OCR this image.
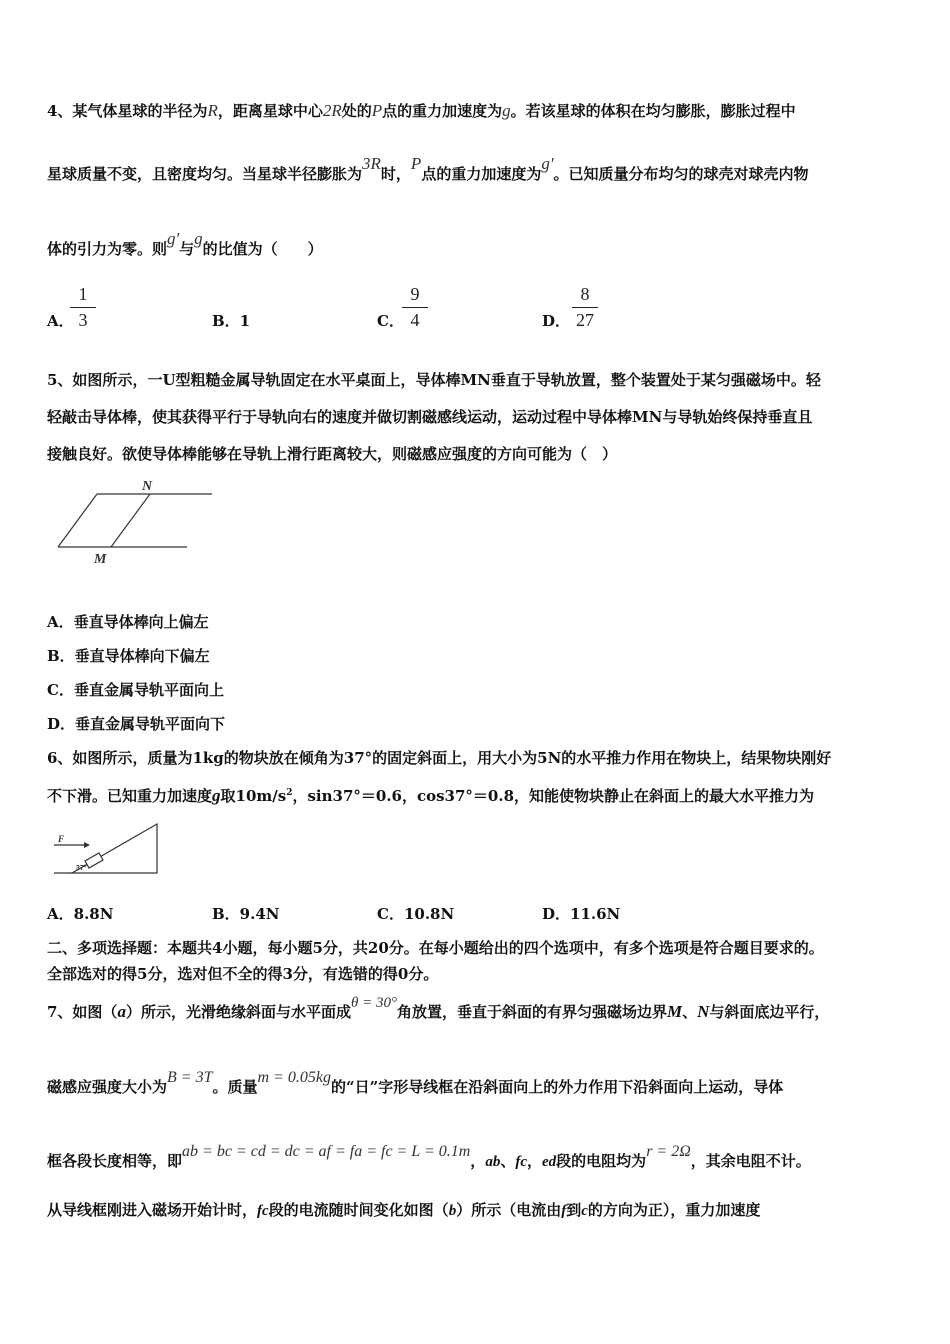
4、某气体星球的半径为R，距离星球中心2R处的P点的重力加速度为g。若该星球的体积在均匀膨胀，膨胀过程中
星球质量不变，且密度均匀。当星球半径膨胀为3R时，P点的重力加速度为g'。已知质量分布均匀的球壳对球壳内物
体的引力为零。则g'与g的比值为（　　）
A．
$\frac{1}{3}$	B．1	C．
$\frac{9}{4}$	D． $\frac{8}{27}$
5、如图所示，一U型粗糙金属导轨固定在水平桌面上，导体棒MN垂直于导轨放置，整个装置处于某匀强磁场中。轻
轻敲击导体棒，使其获得平行于导轨向右的速度并做切割磁感线运动，运动过程中导体棒MN与导轨始终保持垂直且
接触良好。欲使导体棒能够在导轨上滑行距离较大，则磁感应强度的方向可能为（　）
N
M
A．垂直导体棒向上偏左
B．垂直导体棒向下偏左
C．垂直金属导轨平面向上
D．垂直金属导轨平面向下
6、如图所示，质量为1kg的物块放在倾角为37°的固定斜面上，用大小为5N的水平推力作用在物块上，结果物块刚好
不下滑。已知重力加速度g取$10m/s^2$，sin37°＝0.6，cos37°＝0.8，知能使物块静止在斜面上的最大水平推力为
F
37°
A．8.8N	B．9.4N	C．10.8N	D．11.6N
二、多项选择题：本题共4小题，每小题5分，共20分。在每小题给出的四个选项中，有多个选项是符合题目要求的。
全部选对的得5分，选对但不全的得3分，有选错的得0分。
7、如图（a）所示，光滑绝缘斜面与水平面成θ = 30°角放置，垂直于斜面的有界匀强磁场边界M、N与斜面底边平行，
磁感应强度大小为B = 3T。质量m = 0.05kg的“日”字形导线框在沿斜面向上的外力作用下沿斜面向上运动，导体
框各段长度相等，即ab = bc = cd = dc = af = fa = fc = L = 0.1m，ab、fc，ed段的电阻均为r = 2Ω，其余电阻不计。
从导线框刚进入磁场开始计时，fc段的电流随时间变化如图（b）所示（电流由f到c的方向为正），重力加速度
